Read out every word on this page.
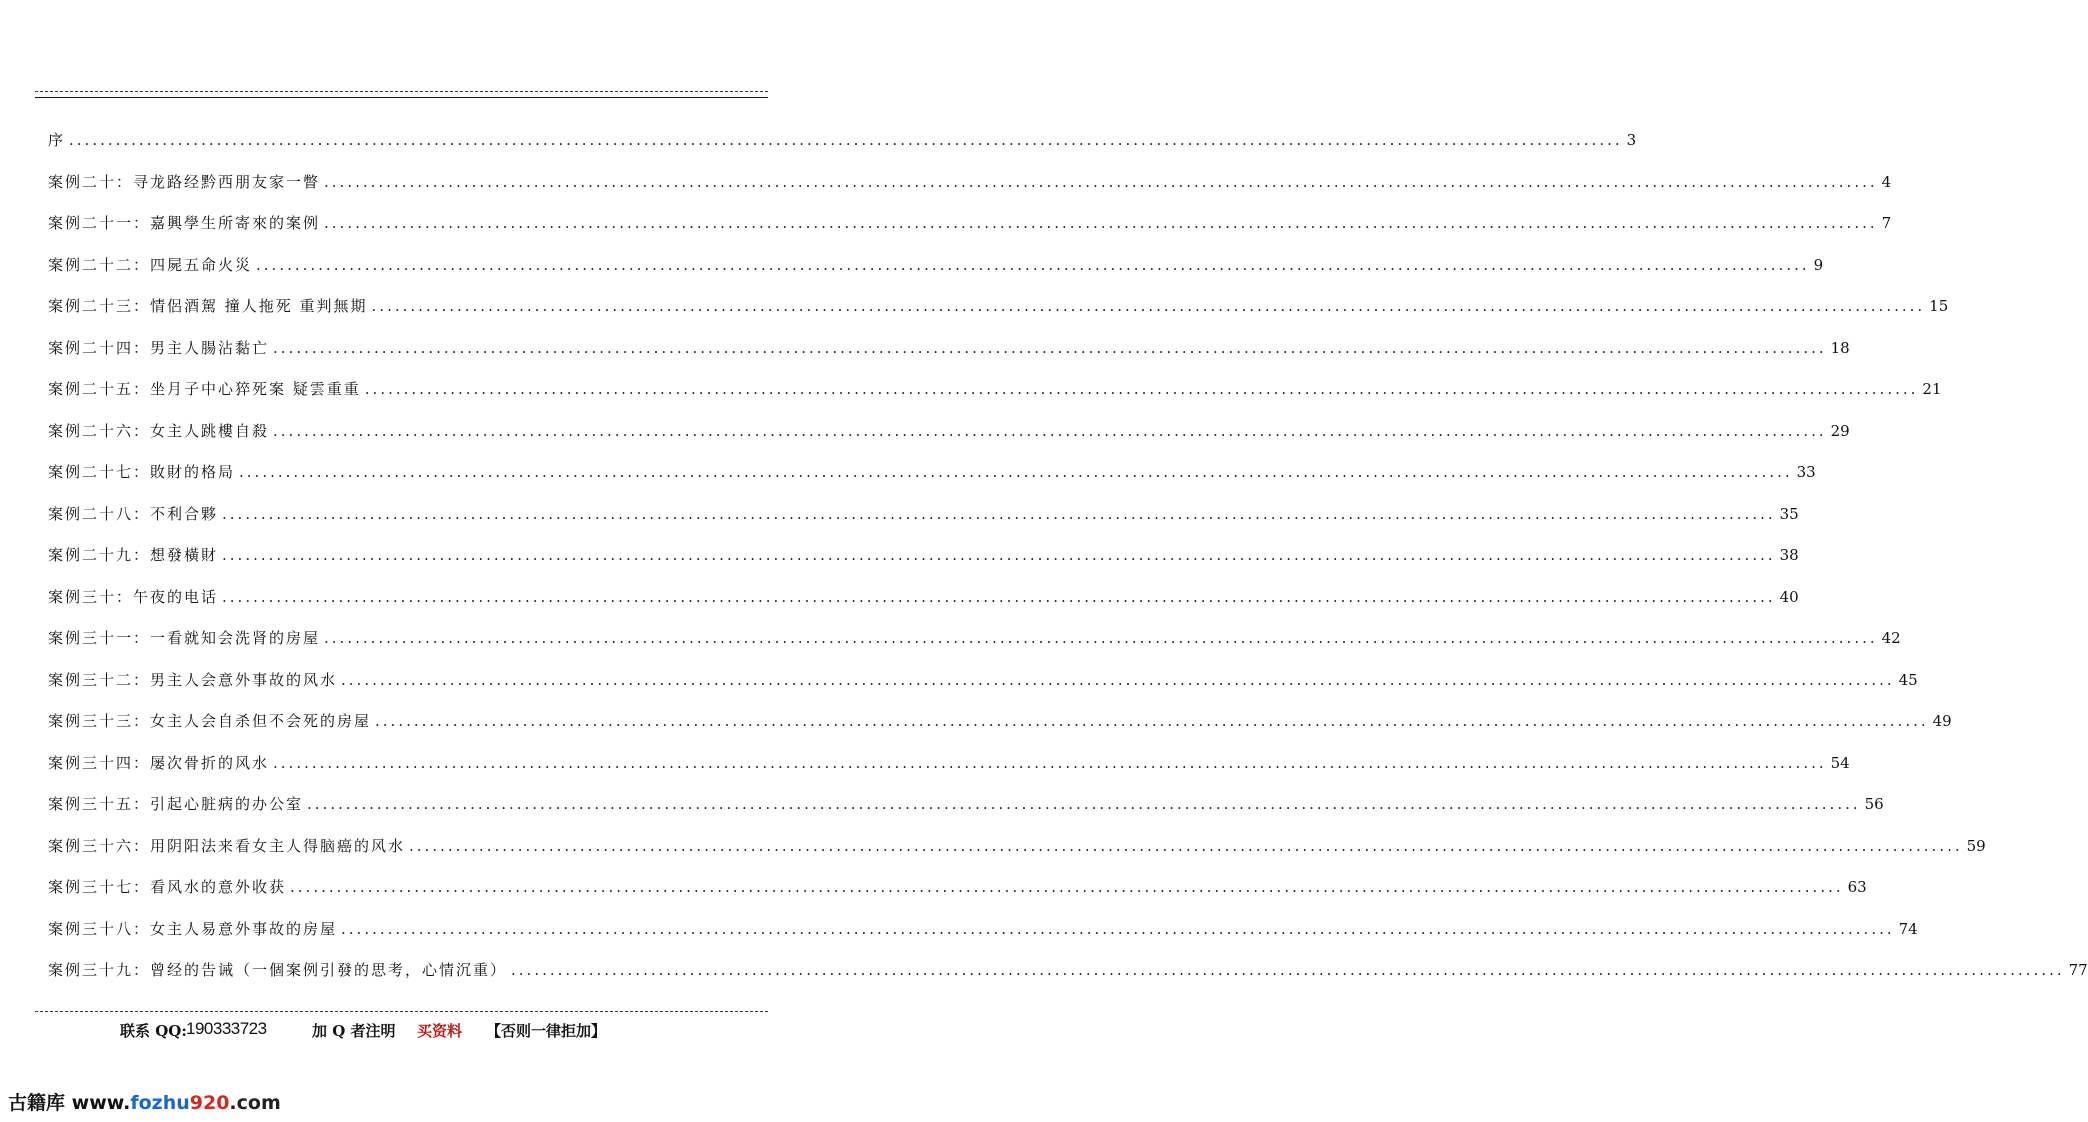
序 ........................................................................................................................................................................................................ 3
案例二十：寻龙路经黔西朋友家一瞥 ........................................................................................................................................................................................................ 4
案例二十一：嘉興學生所寄來的案例 ........................................................................................................................................................................................................ 7
案例二十二：四屍五命火災 ........................................................................................................................................................................................................ 9
案例二十三：情侶酒駕 撞人拖死 重判無期 ........................................................................................................................................................................................................ 15
案例二十四：男主人腸沾黏亡 ........................................................................................................................................................................................................ 18
案例二十五：坐月子中心猝死案 疑雲重重 ........................................................................................................................................................................................................ 21
案例二十六：女主人跳樓自殺 ........................................................................................................................................................................................................ 29
案例二十七：敗財的格局 ........................................................................................................................................................................................................ 33
案例二十八：不利合夥 ........................................................................................................................................................................................................ 35
案例二十九：想發橫財 ........................................................................................................................................................................................................ 38
案例三十：午夜的电话 ........................................................................................................................................................................................................ 40
案例三十一：一看就知会洗肾的房屋 ........................................................................................................................................................................................................ 42
案例三十二：男主人会意外事故的风水 ........................................................................................................................................................................................................ 45
案例三十三：女主人会自杀但不会死的房屋 ........................................................................................................................................................................................................ 49
案例三十四：屡次骨折的风水 ........................................................................................................................................................................................................ 54
案例三十五：引起心脏病的办公室 ........................................................................................................................................................................................................ 56
案例三十六：用阴阳法来看女主人得脑癌的风水 ........................................................................................................................................................................................................ 59
案例三十七：看风水的意外收获 ........................................................................................................................................................................................................ 63
案例三十八：女主人易意外事故的房屋 ........................................................................................................................................................................................................ 74
案例三十九：曾经的告诫（一個案例引發的思考，心情沉重） ........................................................................................................................................................................................................ 77
联系 QQ: 190333723	加 Q 者注明 买资料 【否则一律拒加】
古籍库 www.fozhu920.com
